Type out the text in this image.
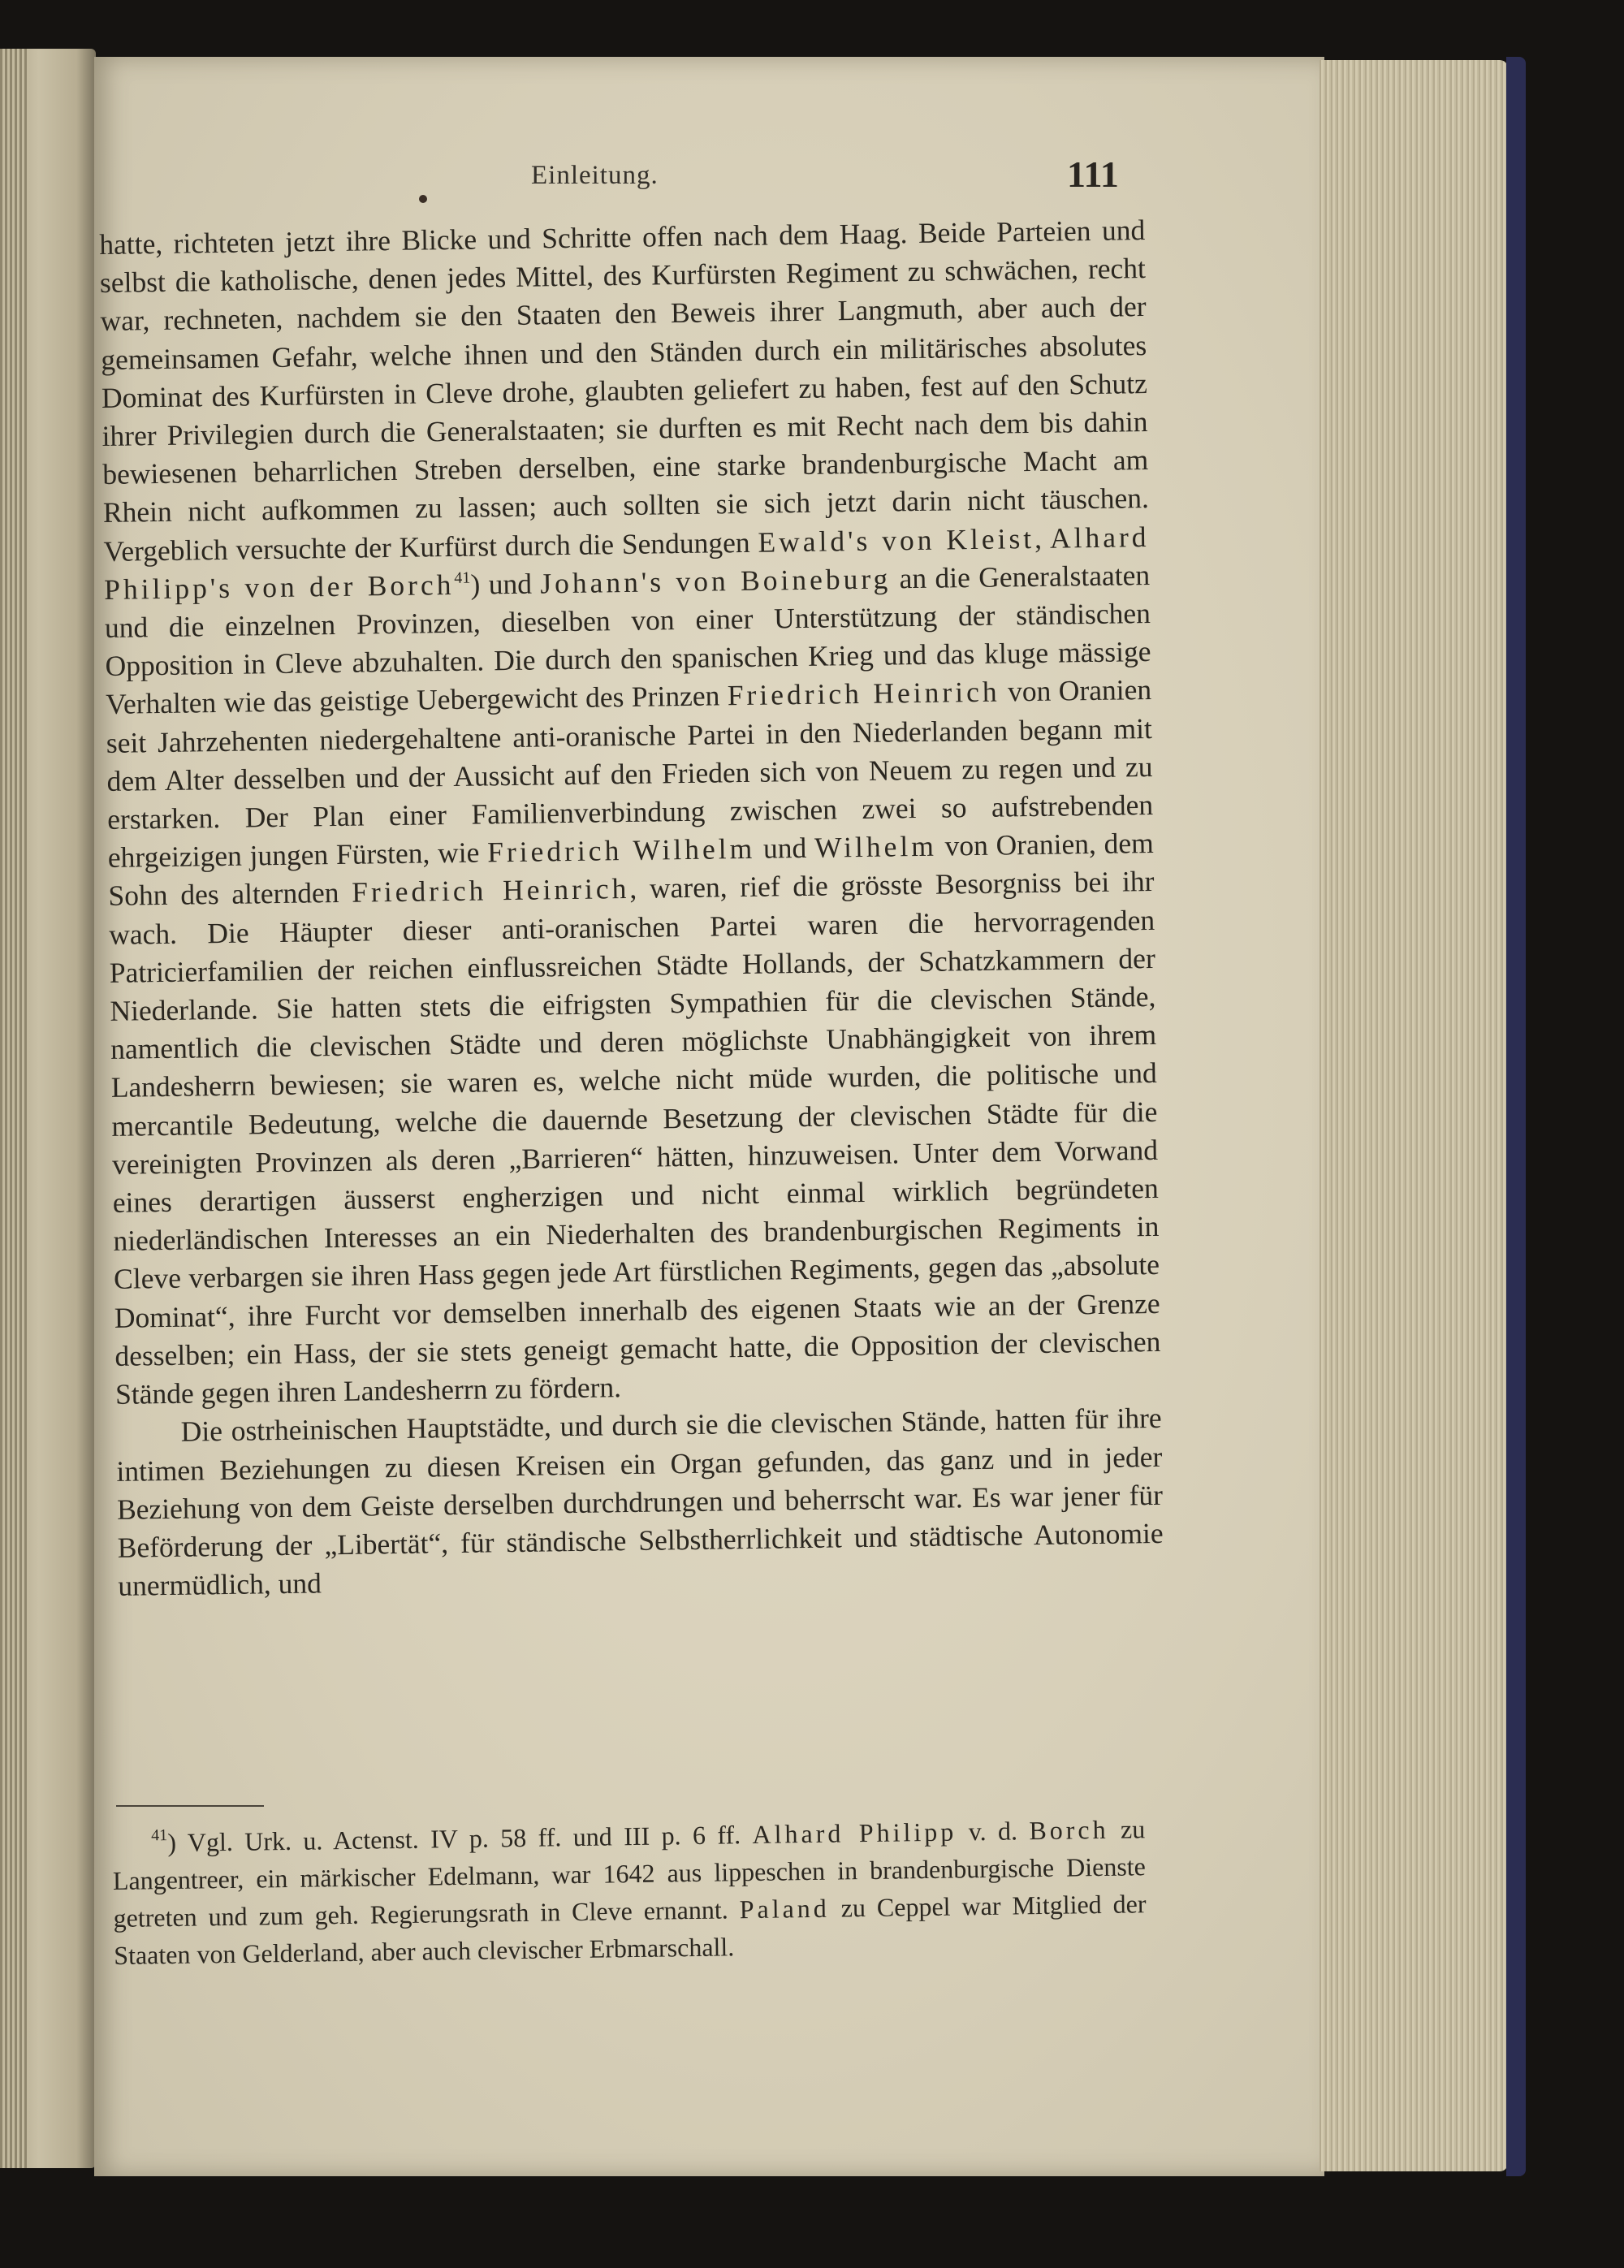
Einleitung.	111

hatte, richteten jetzt ihre Blicke und Schritte offen nach dem Haag. Beide Parteien und selbst die katholische, denen jedes Mittel, des Kurfürsten Regiment zu schwächen, recht war, rechneten, nachdem sie den Staaten den Beweis ihrer Langmuth, aber auch der gemeinsamen Gefahr, welche ihnen und den Ständen durch ein militärisches absolutes Dominat des Kurfürsten in Cleve drohe, glaubten geliefert zu haben, fest auf den Schutz ihrer Privilegien durch die Generalstaaten; sie durften es mit Recht nach dem bis dahin bewiesenen beharrlichen Streben derselben, eine starke brandenburgische Macht am Rhein nicht aufkommen zu lassen; auch sollten sie sich jetzt darin nicht täuschen. Vergeblich versuchte der Kurfürst durch die Sendungen Ewald's von Kleist, Alhard Philipp's von der Borch$^{41}$) und Johann's von Boineburg an die Generalstaaten und die einzelnen Provinzen, dieselben von einer Unterstützung der ständischen Opposition in Cleve abzuhalten. Die durch den spanischen Krieg und das kluge mässige Verhalten wie das geistige Uebergewicht des Prinzen Friedrich Heinrich von Oranien seit Jahrzehenten niedergehaltene anti-oranische Partei in den Niederlanden begann mit dem Alter desselben und der Aussicht auf den Frieden sich von Neuem zu regen und zu erstarken. Der Plan einer Familienverbindung zwischen zwei so aufstrebenden ehrgeizigen jungen Fürsten, wie Friedrich Wilhelm und Wilhelm von Oranien, dem Sohn des alternden Friedrich Heinrich, waren, rief die grösste Besorgniss bei ihr wach. Die Häupter dieser anti-oranischen Partei waren die hervorragenden Patricierfamilien der reichen einflussreichen Städte Hollands, der Schatzkammern der Niederlande. Sie hatten stets die eifrigsten Sympathien für die clevischen Stände, namentlich die clevischen Städte und deren möglichste Unabhängigkeit von ihrem Landesherrn bewiesen; sie waren es, welche nicht müde wurden, die politische und mercantile Bedeutung, welche die dauernde Besetzung der clevischen Städte für die vereinigten Provinzen als deren „Barrieren“ hätten, hinzuweisen. Unter dem Vorwand eines derartigen äusserst engherzigen und nicht einmal wirklich begründeten niederländischen Interesses an ein Niederhalten des brandenburgischen Regiments in Cleve verbargen sie ihren Hass gegen jede Art fürstlichen Regiments, gegen das „absolute Dominat“, ihre Furcht vor demselben innerhalb des eigenen Staats wie an der Grenze desselben; ein Hass, der sie stets geneigt gemacht hatte, die Opposition der clevischen Stände gegen ihren Landesherrn zu fördern.

Die ostrheinischen Hauptstädte, und durch sie die clevischen Stände, hatten für ihre intimen Beziehungen zu diesen Kreisen ein Organ gefunden, das ganz und in jeder Beziehung von dem Geiste derselben durchdrungen und beherrscht war. Es war jener für Beförderung der „Libertät“, für ständische Selbstherrlichkeit und städtische Autonomie unermüdlich, und

$^{41}$) Vgl. Urk. u. Actenst. IV p. 58 ff. und III p. 6 ff. Alhard Philipp v. d. Borch zu Langentreer, ein märkischer Edelmann, war 1642 aus lippeschen in brandenburgische Dienste getreten und zum geh. Regierungsrath in Cleve ernannt. Paland zu Ceppel war Mitglied der Staaten von Gelderland, aber auch clevischer Erbmarschall.
